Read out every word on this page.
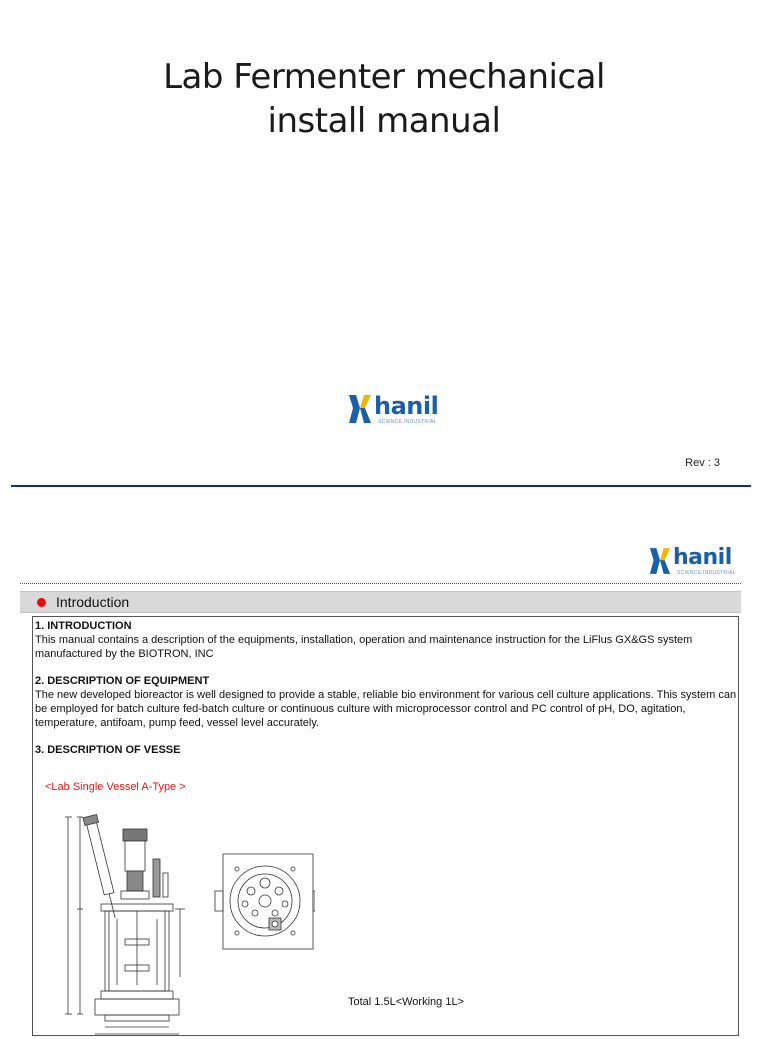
Lab Fermenter mechanical
install manual
hanil
SCIENCE INDUSTRIAL
Rev : 3
hanil
SCIENCE INDUSTRIAL
Introduction

1. INTRODUCTION

This manual contains a description of the equipments, installation, operation and maintenance instruction for the LiFlus GX&GS system manufactured by the BIOTRON, INC

2. DESCRIPTION OF EQUIPMENT

The new developed bioreactor is well designed to provide a stable, reliable bio environment for various cell culture applications. This system can be employed for batch culture fed-batch culture or continuous culture with microprocessor control and PC control of pH, DO, agitation, temperature, antifoam, pump feed, vessel level accurately.

3. DESCRIPTION OF VESSE

<Lab Single Vessel A-Type >
Total 1.5L<Working 1L>
